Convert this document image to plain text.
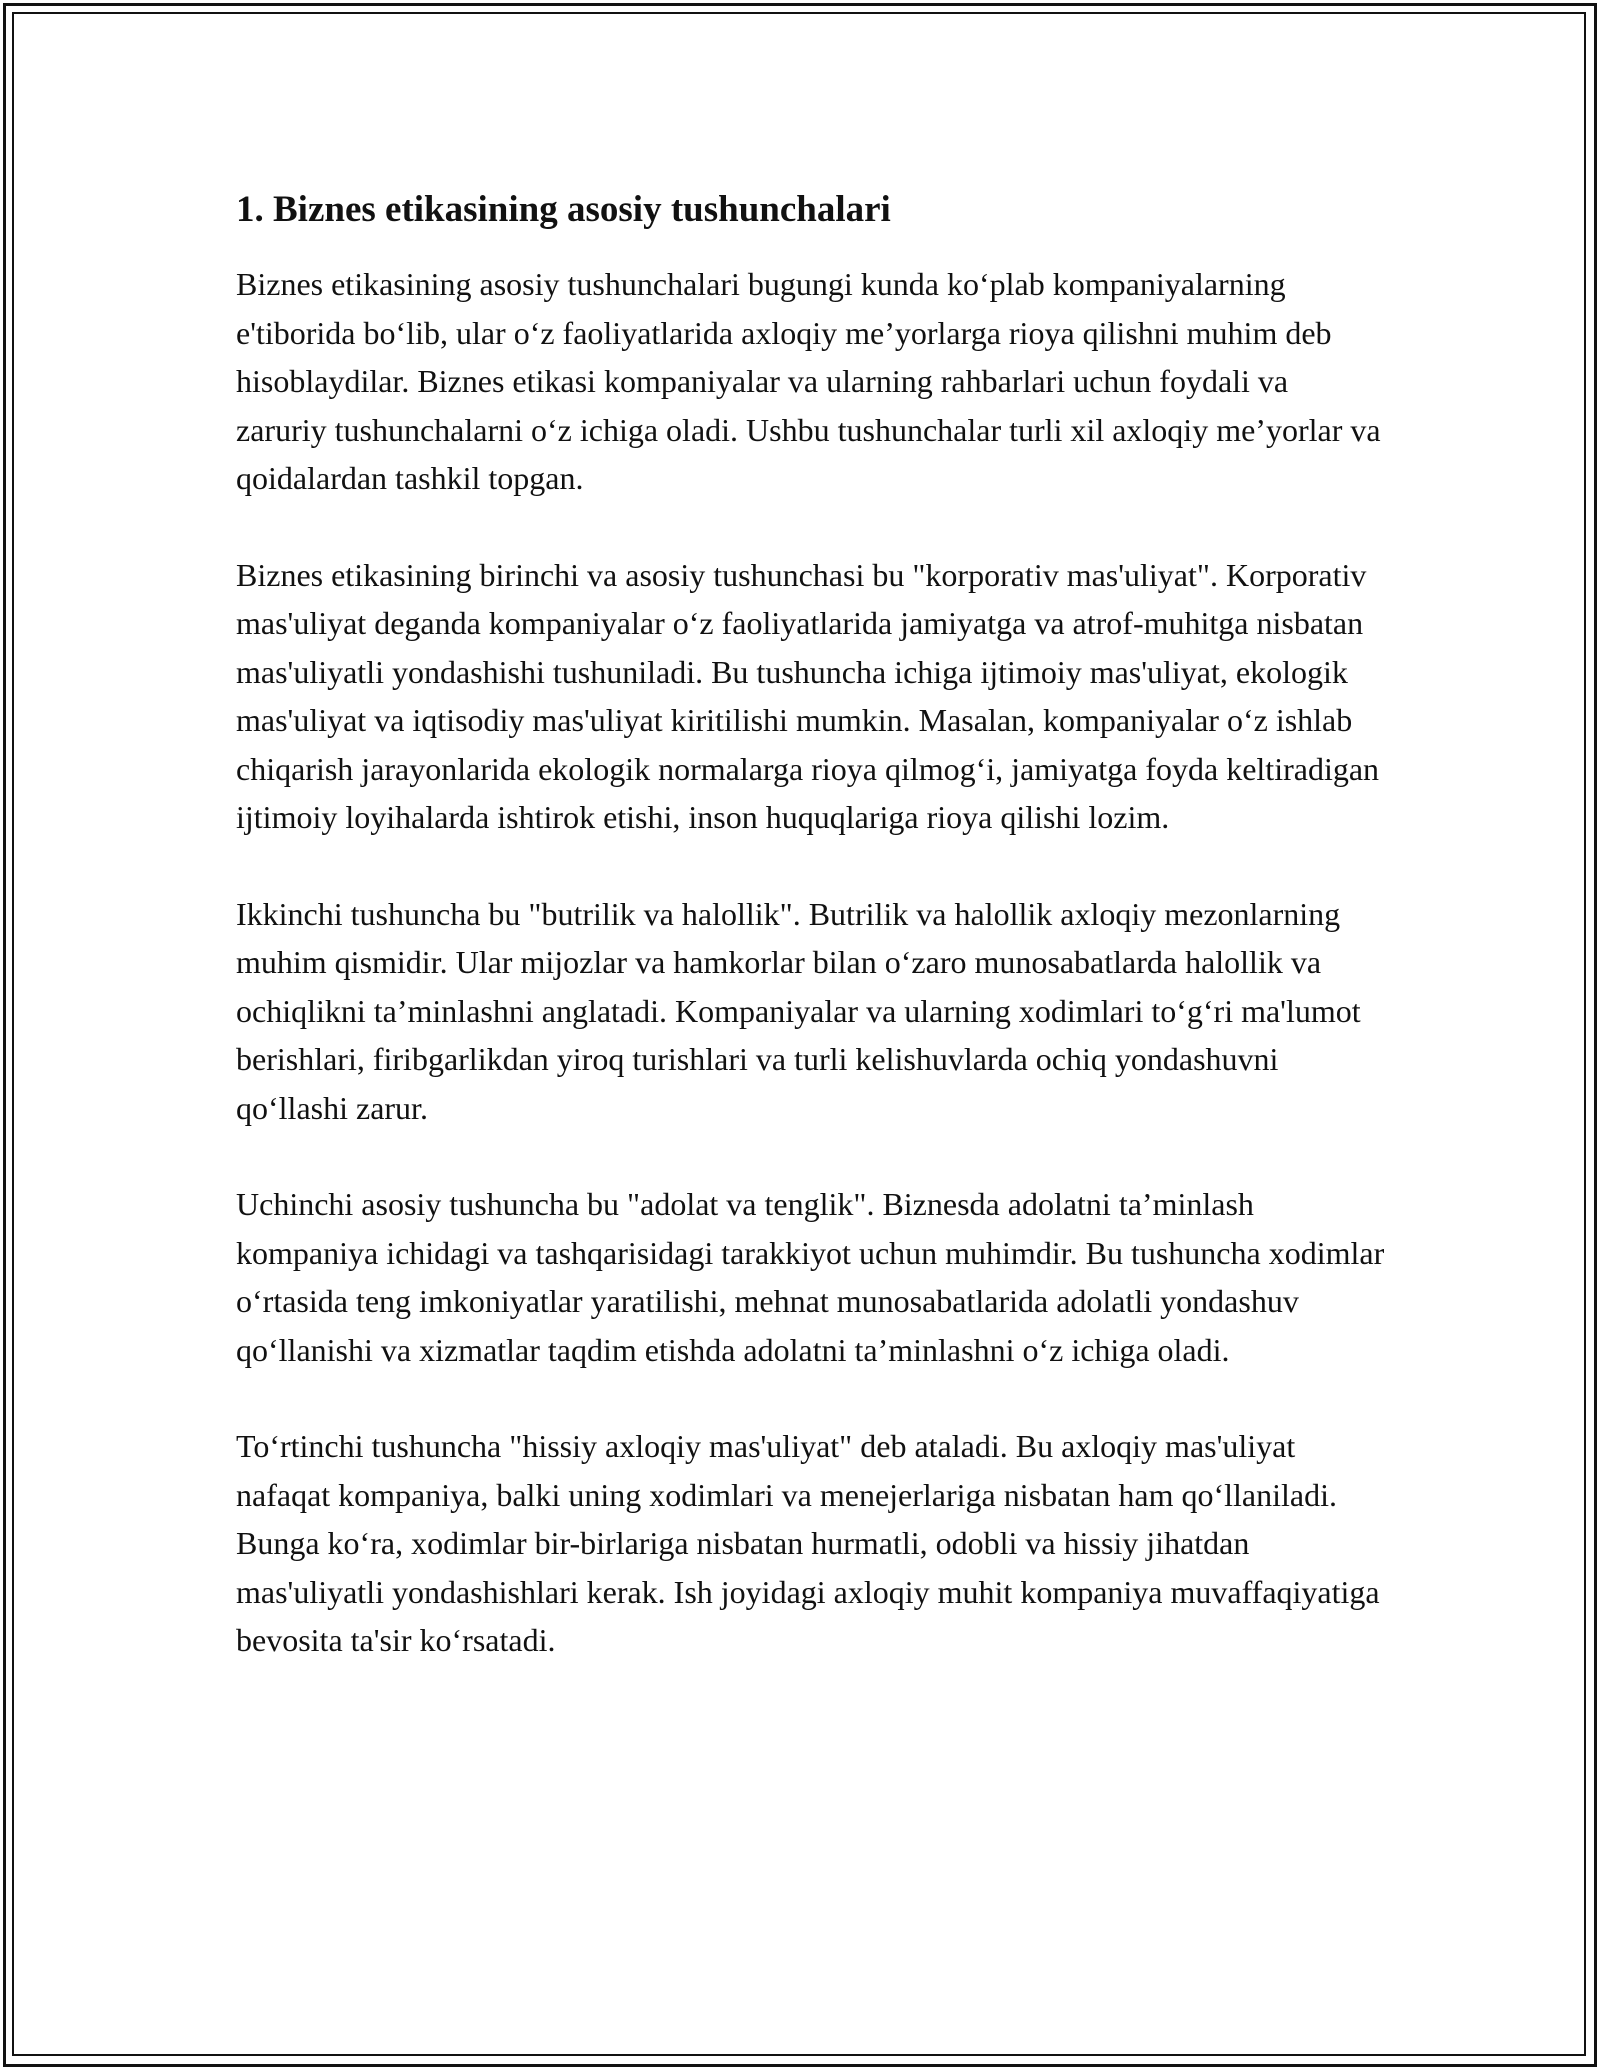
1. Biznes etikasining asosiy tushunchalari

Biznes etikasining asosiy tushunchalari bugungi kunda ko‘plab kompaniyalarning e'tiborida bo‘lib, ular o‘z faoliyatlarida axloqiy me’yorlarga rioya qilishni muhim deb hisoblaydilar. Biznes etikasi kompaniyalar va ularning rahbarlari uchun foydali va zaruriy tushunchalarni o‘z ichiga oladi. Ushbu tushunchalar turli xil axloqiy me’yorlar va qoidalardan tashkil topgan.

Biznes etikasining birinchi va asosiy tushunchasi bu "korporativ mas'uliyat". Korporativ mas'uliyat deganda kompaniyalar o‘z faoliyatlarida jamiyatga va atrof-muhitga nisbatan mas'uliyatli yondashishi tushuniladi. Bu tushuncha ichiga ijtimoiy mas'uliyat, ekologik mas'uliyat va iqtisodiy mas'uliyat kiritilishi mumkin. Masalan, kompaniyalar o‘z ishlab chiqarish jarayonlarida ekologik normalarga rioya qilmog‘i, jamiyatga foyda keltiradigan ijtimoiy loyihalarda ishtirok etishi, inson huquqlariga rioya qilishi lozim.

Ikkinchi tushuncha bu "butrilik va halollik". Butrilik va halollik axloqiy mezonlarning muhim qismidir. Ular mijozlar va hamkorlar bilan o‘zaro munosabatlarda halollik va ochiqlikni ta’minlashni anglatadi. Kompaniyalar va ularning xodimlari to‘g‘ri ma'lumot berishlari, firibgarlikdan yiroq turishlari va turli kelishuvlarda ochiq yondashuvni qo‘llashi zarur.

Uchinchi asosiy tushuncha bu "adolat va tenglik". Biznesda adolatni ta’minlash kompaniya ichidagi va tashqarisidagi tarakkiyot uchun muhimdir. Bu tushuncha xodimlar o‘rtasida teng imkoniyatlar yaratilishi, mehnat munosabatlarida adolatli yondashuv qo‘llanishi va xizmatlar taqdim etishda adolatni ta’minlashni o‘z ichiga oladi.

To‘rtinchi tushuncha "hissiy axloqiy mas'uliyat" deb ataladi. Bu axloqiy mas'uliyat nafaqat kompaniya, balki uning xodimlari va menejerlariga nisbatan ham qo‘llaniladi. Bunga ko‘ra, xodimlar bir-birlariga nisbatan hurmatli, odobli va hissiy jihatdan mas'uliyatli yondashishlari kerak. Ish joyidagi axloqiy muhit kompaniya muvaffaqiyatiga bevosita ta'sir ko‘rsatadi.
